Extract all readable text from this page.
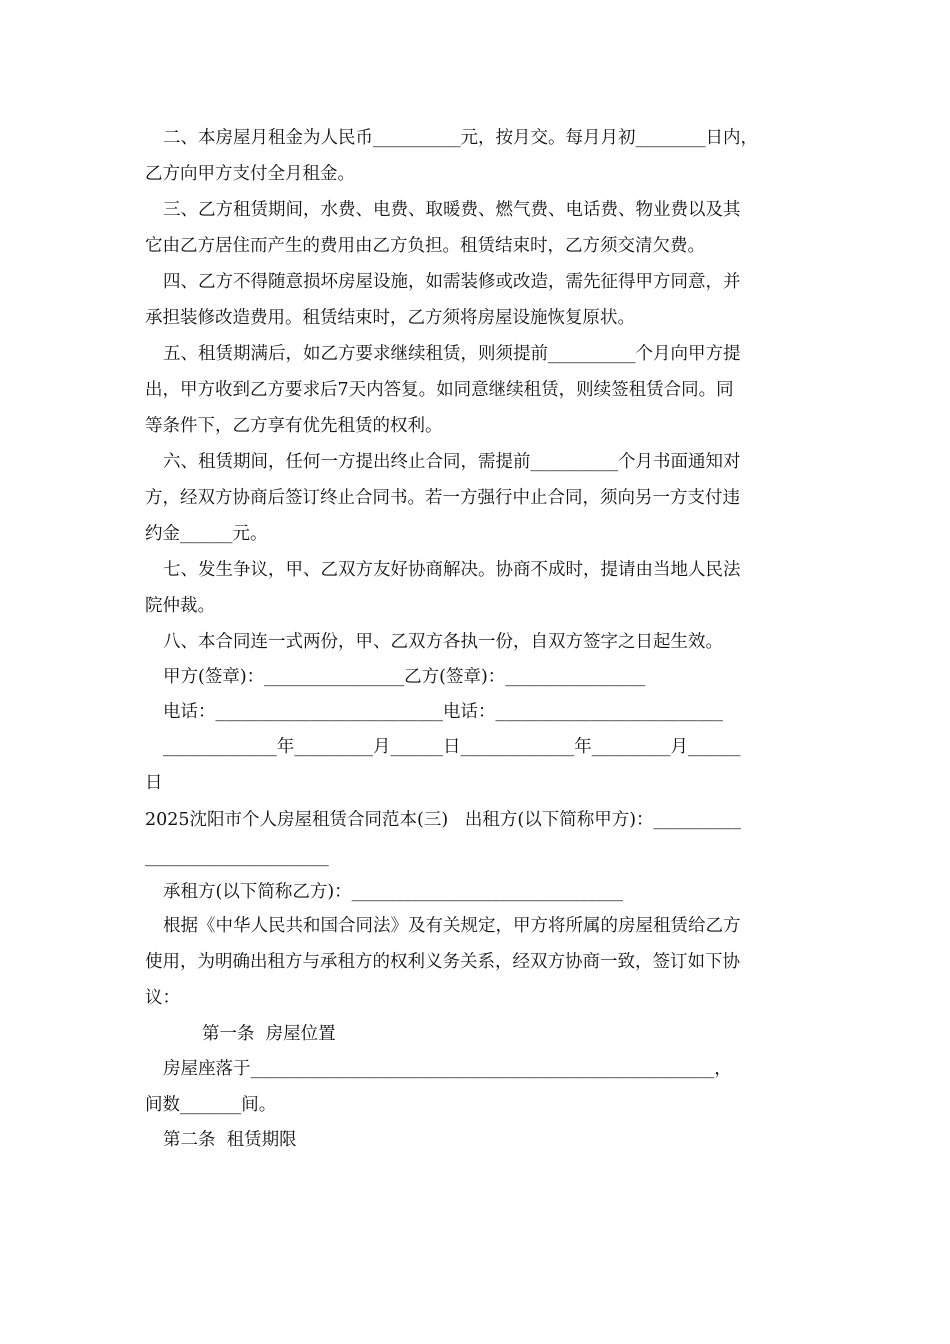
二、本房屋月租金为人民币__________元，按月交。每月月初________日内，
乙方向甲方支付全月租金。
三、乙方租赁期间，水费、电费、取暖费、燃气费、电话费、物业费以及其
它由乙方居住而产生的费用由乙方负担。租赁结束时，乙方须交清欠费。
四、乙方不得随意损坏房屋设施，如需装修或改造，需先征得甲方同意，并
承担装修改造费用。租赁结束时，乙方须将房屋设施恢复原状。
五、租赁期满后，如乙方要求继续租赁，则须提前__________个月向甲方提
出，甲方收到乙方要求后7天内答复。如同意继续租赁，则续签租赁合同。同
等条件下，乙方享有优先租赁的权利。
六、租赁期间，任何一方提出终止合同，需提前__________个月书面通知对
方，经双方协商后签订终止合同书。若一方强行中止合同，须向另一方支付违
约金______元。
七、发生争议，甲、乙双方友好协商解决。协商不成时，提请由当地人民法
院仲裁。
八、本合同连一式两份，甲、乙双方各执一份，自双方签字之日起生效。
甲方(签章)：________________乙方(签章)：________________
电话：__________________________电话：__________________________
_____________年_________月______日_____________年_________月______
日
2025沈阳市个人房屋租赁合同范本(三)   出租方(以下简称甲方)：__________
_____________________
承租方(以下简称乙方)：_______________________________
根据《中华人民共和国合同法》及有关规定，甲方将所属的房屋租赁给乙方
使用，为明确出租方与承租方的权利义务关系，经双方协商一致，签订如下协
议：
第一条  房屋位置
房屋座落于_____________________________________________________，
间数_______间。
第二条  租赁期限
